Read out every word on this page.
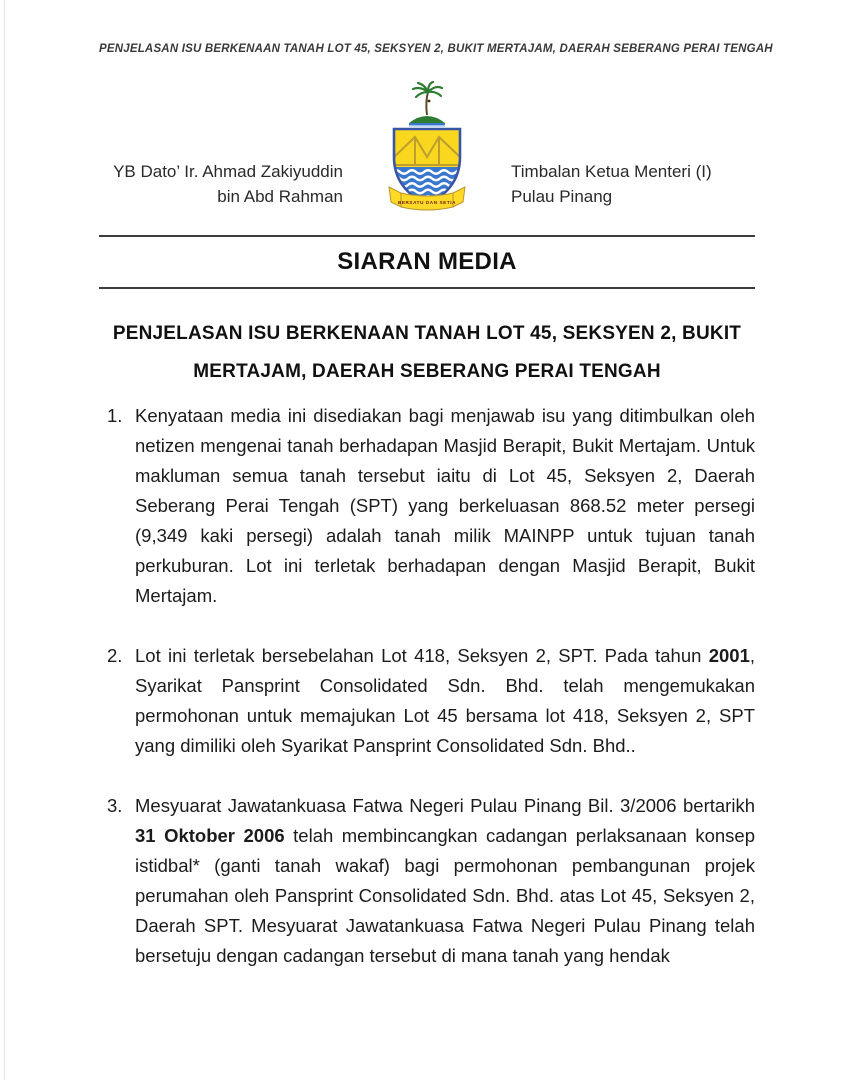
PENJELASAN ISU BERKENAAN TANAH LOT 45, SEKSYEN 2, BUKIT MERTAJAM, DAERAH SEBERANG PERAI TENGAH
YB Dato’ Ir. Ahmad Zakiyuddin
bin Abd Rahman	BERSATU DAN SETIA
Timbalan Ketua Menteri (I)
Pulau Pinang
SIARAN MEDIA
PENJELASAN ISU BERKENAAN TANAH LOT 45, SEKSYEN 2, BUKIT MERTAJAM, DAERAH SEBERANG PERAI TENGAH
1. Kenyataan media ini disediakan bagi menjawab isu yang ditimbulkan oleh netizen mengenai tanah berhadapan Masjid Berapit, Bukit Mertajam. Untuk makluman semua tanah tersebut iaitu di Lot 45, Seksyen 2, Daerah Seberang Perai Tengah (SPT) yang berkeluasan 868.52 meter persegi (9,349 kaki persegi) adalah tanah milik MAINPP untuk tujuan tanah perkuburan. Lot ini terletak berhadapan dengan Masjid Berapit, Bukit Mertajam.
2. Lot ini terletak bersebelahan Lot 418, Seksyen 2, SPT. Pada tahun 2001, Syarikat Pansprint Consolidated Sdn. Bhd. telah mengemukakan permohonan untuk memajukan Lot 45 bersama lot 418, Seksyen 2, SPT yang dimiliki oleh Syarikat Pansprint Consolidated Sdn. Bhd..
3. Mesyuarat Jawatankuasa Fatwa Negeri Pulau Pinang Bil. 3/2006 bertarikh 31 Oktober 2006 telah membincangkan cadangan perlaksanaan konsep istidbal* (ganti tanah wakaf) bagi permohonan pembangunan projek perumahan oleh Pansprint Consolidated Sdn. Bhd. atas Lot 45, Seksyen 2, Daerah SPT. Mesyuarat Jawatankuasa Fatwa Negeri Pulau Pinang telah bersetuju dengan cadangan tersebut di mana tanah yang hendak
